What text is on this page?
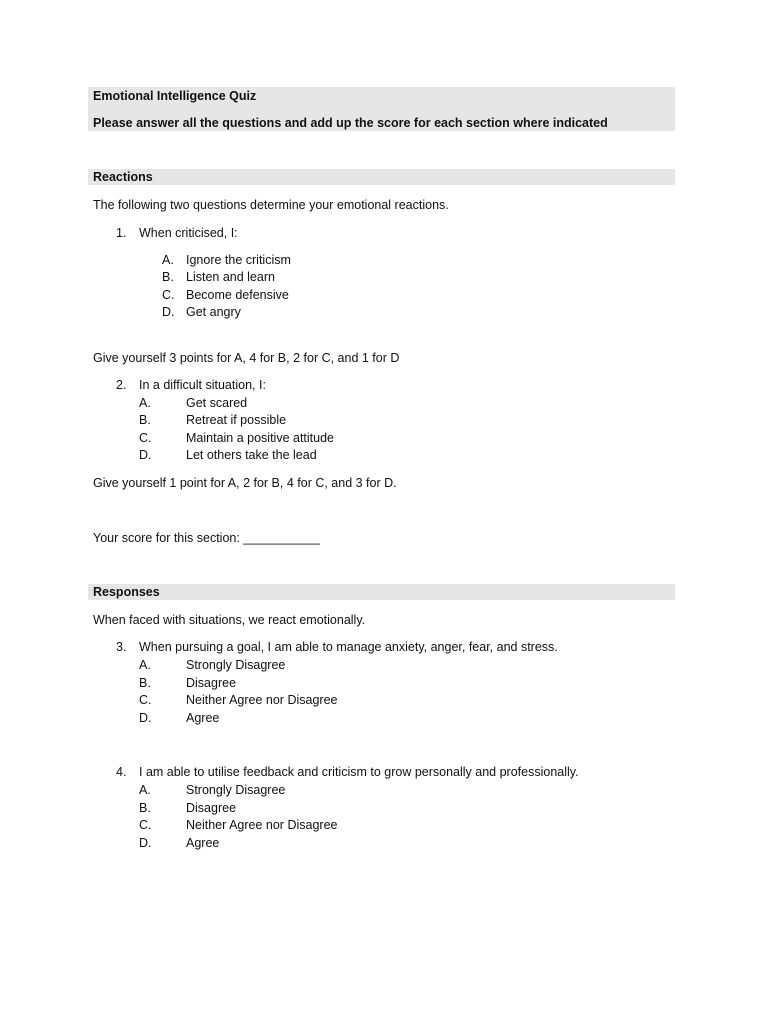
Emotional Intelligence Quiz
Please answer all the questions and add up the score for each section where indicated
Reactions
The following two questions determine your emotional reactions.
1. When criticised, I:
A. Ignore the criticism
B. Listen and learn
C. Become defensive
D. Get angry
Give yourself 3 points for A, 4 for B, 2 for C, and 1 for D
2. In a difficult situation, I:
A.	Get scared
B.	Retreat if possible
C.	Maintain a positive attitude
D.	Let others take the lead
Give yourself 1 point for A, 2 for B, 4 for C, and 3 for D.
Your score for this section: ___________
Responses
When faced with situations, we react emotionally.
3. When pursuing a goal, I am able to manage anxiety, anger, fear, and stress.
A.	Strongly Disagree
B.	Disagree
C.	Neither Agree nor Disagree
D.	Agree
4. I am able to utilise feedback and criticism to grow personally and professionally.
A.	Strongly Disagree
B.	Disagree
C.	Neither Agree nor Disagree
D.	Agree
